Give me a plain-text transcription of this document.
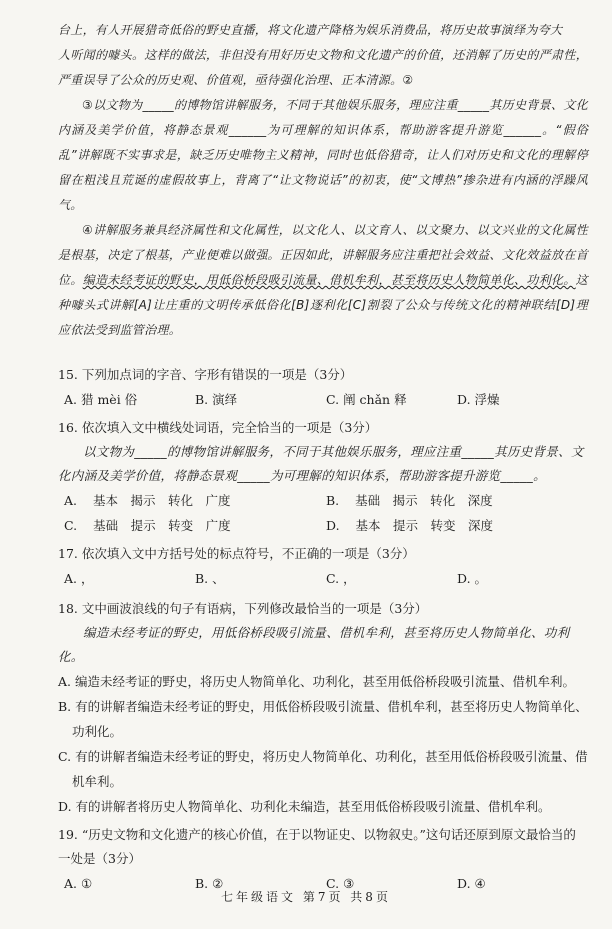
台上，有人开展猎奇低俗的野史直播，将文化遗产降格为娱乐消费品，将历史故事演绎为夸大

人听闻的噱头。这样的做法，非但没有用好历史文物和文化遗产的价值，还消解了历史的严肃性，严重误导了公众的历史观、价值观，亟待强化治理、正本清源。②

③以文物为_____的博物馆讲解服务，不同于其他娱乐服务，理应注重_____其历史背景、文化内涵及美学价值，将静态景观______为可理解的知识体系，帮助游客提升游览______。“假俗乱”讲解既不实事求是，缺乏历史唯物主义精神，同时也低俗猎奇，让人们对历史和文化的理解停留在粗浅且荒诞的虚假故事上，背离了“让文物说话”的初衷，使“文博热”掺杂进有内涵的浮躁风气。

④讲解服务兼具经济属性和文化属性，以文化人、以文育人、以文聚力、以文兴业的文化属性是根基，决定了根基，产业便难以做强。正因如此，讲解服务应注重把社会效益、文化效益放在首位。编造未经考证的野史，用低俗桥段吸引流量、借机牟利，甚至将历史人物简单化、功利化。这种噱头式讲解[A]让庄重的文明传承低俗化[B]逐利化[C]割裂了公众与传统文化的精神联结[D]理应依法受到监管治理。

15. 下列加点词的字音、字形有错误的一项是（3分）

A. 猎 mèi 俗	B. 演绎	C. 阐 chǎn 释	D. 浮燥

16. 依次填入文中横线处词语，完全恰当的一项是（3分）

以文物为_____的博物馆讲解服务，不同于其他娱乐服务，理应注重_____其历史背景、文化内涵及美学价值，将静态景观_____为可理解的知识体系，帮助游客提升游览_____。

A. 基本　揭示　转化　广度	B. 基础　揭示　转化　深度
C. 基础　提示　转变　广度	D. 基本　提示　转变　深度

17. 依次填入文中方括号处的标点符号，不正确的一项是（3分）

A. ，	B. 、	C. ，	D. 。

18. 文中画波浪线的句子有语病，下列修改最恰当的一项是（3分）

编造未经考证的野史，用低俗桥段吸引流量、借机牟利，甚至将历史人物简单化、功利化。

A. 编造未经考证的野史，将历史人物简单化、功利化，甚至用低俗桥段吸引流量、借机牟利。

B. 有的讲解者编造未经考证的野史，用低俗桥段吸引流量、借机牟利，甚至将历史人物简单化、功利化。

C. 有的讲解者编造未经考证的野史，将历史人物简单化、功利化，甚至用低俗桥段吸引流量、借机牟利。

D. 有的讲解者将历史人物简单化、功利化未编造，甚至用低俗桥段吸引流量、借机牟利。

19. “历史文物和文化遗产的核心价值，在于以物证史、以物叙史。”这句话还原到原文最恰当的一处是（3分）

A. ①	B. ②	C. ③	D. ④
七年级语文 第7页 共8页
